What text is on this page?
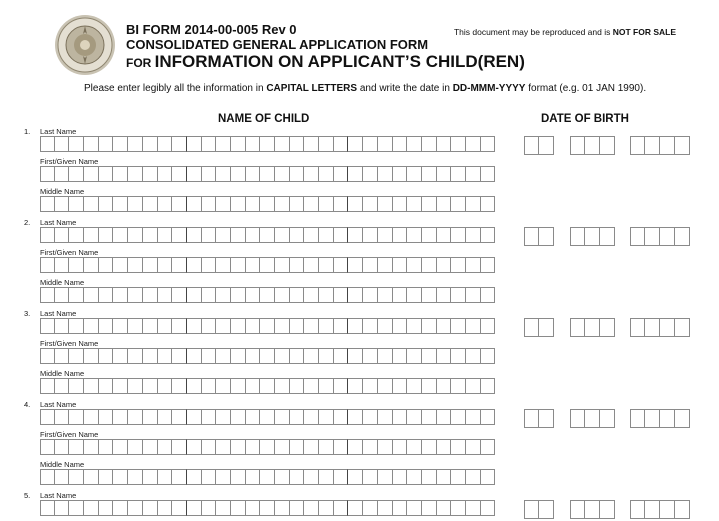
BI FORM 2014-00-005 Rev 0	This document may be reproduced and is NOT FOR SALE
CONSOLIDATED GENERAL APPLICATION FORM
FOR INFORMATION ON APPLICANT’S CHILD(REN)
Please enter legibly all the information in CAPITAL LETTERS and write the date in DD-MMM-YYYY format (e.g. 01 JAN 1990).
NAME OF CHILD	DATE OF BIRTH
1. Last Name
First/Given Name
Middle Name
2. Last Name
First/Given Name
Middle Name
3. Last Name
First/Given Name
Middle Name
4. Last Name
First/Given Name
Middle Name
5. Last Name
